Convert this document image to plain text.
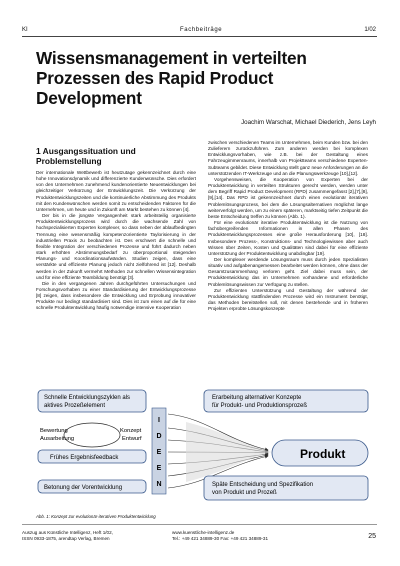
KI	Fachbeiträge	1/02
Wissensmanagement in verteilten Prozessen des Rapid Product Development
Joachim Warschat, Michael Diederich, Jens Leyh
1 Ausgangssituation und Problemstellung

Der internationale Wettbewerb ist heutzutage gekennzeichnet durch eine hohe Innovationsdynamik und differenzierte Kundenwünsche. Dies erfordert von den Unternehmen zunehmend kundenorientierte Neuentwicklungen bei gleichzeitiger Verkürzung der Entwicklungszeit. Die Verkürzung der Produktentwicklungszeiten und die kontinuierliche Abstimmung des Produkts mit den Kundenwünschen werden somit zu entscheidenden Faktoren für die Unternehmen, um heute und in Zukunft am Markt bestehen zu können [4].

Der bis in die jüngste Vergangenheit stark arbeitsteilig organisierte Produktentwicklungsprozess wird durch die wachsende Zahl von hochspezialisierten Experten komplexer, so dass neben der ablaufbedingten Trennung eine wesensmäßig kompetenzorientierte Taylorisierung in der industriellen Praxis zu beobachten ist. Des erschwert die schnelle und flexible Integration der verschiedenen Prozesse und führt dadurch neben stark erhöhten Abstimmungsbedarf zu überproportional steigenden Planungs- und Koordinationsaufwänden. Studien zeigen, dass eine verstärkte und effiziente Planung jedoch nicht zielführend ist [12]. Deshalb werden in der Zukunft vermehrt Methoden zur schnellen Wissensintegration und für eine effiziente Teambildung benötigt [3].

Die in den vergangenen Jahren durchgeführten Untersuchungen und Forschungsvorhaben zu einer Standardisierung der Entwicklungsprozesse [8] zeigen, dass insbesondere die Entwicklung und Erprobung innovativer Produkte nur bedingt standardisiert sind. Dies ist zum einen auf die für eine schnelle Produktentwicklung häufig notwendige intensive Kooperation

zwischen verschiedenen Teams im Unternehmen, beim Kunden bzw. bei den Zulieferern zurückzuführen. Zum anderen werden bei komplexen Entwicklungsvorhaben, wie z.B. bei der Gestaltung eines Fahrzeugimmenraums, innerhalb von Projektteams verschiedene Experten-Subteams gebildet. Diese Entwicklung stellt ganz neue Anforderungen an die unterstützenden IT-Werkzeuge und an die Planungswerkzeuge [10],[12].

Vorgehensweisen, die Kooperation von Experten bei der Produktentwicklung in verteilten Strukturen gerecht werden, werden unter dem Begriff Rapid Product Development (RPD) zusammengefasst [2],[7],[8],[9],[14]. Das RPD ist gekennzeichnet durch einen evolutionär iterativen Problemlösungsprozess, bei dem die Lösungsalternativen möglichst lange weiterverfolgt werden, um zu einem späteren, marktseitig tiefen Zeitpunkt die beste Entscheidung treffen zu können (Abb. 1).

Für eine evolutionär iterative Produktentwicklung ist die Nutzung von fachübergreifenden Informationen in allen Phasen des Produktentwicklungsprozesses eine große Herausforderung [10], [18]. Insbesondere Prozess-, Konstruktions- und Technologiewissen aber auch Wissen über Zeiten, Kosten und Qualitäten sind dabei für eine effiziente Unterstützung der Produktentwicklung unabdingbar [19].

Der komplexer werdende Lösungsraum muss durch jeden Spezialisten situativ und aufgabenangemessen bearbeitet werden können, ohne dass der Gesamtzusammenhang verloren geht. Ziel dabei muss sein, der Produktentwicklung das im Unternehmen vorhandene und erforderliche Problemlösungswissen zur Verfügung zu stellen.

Zur effizienten Unterstützung und Gestaltung der während der Produktentwicklung stattfindenden Prozesse wird ein Instrument benötigt, das Methoden bereitstellen soll, mit denen bestehende und in früheren Projekten erprobte Lösungskonzepte

Schnelle Entwicklungszyklen als
aktives Prozeßelement
Bewertung
Ausarbeitung
Konzept
Entwurf
Frühes Ergebnisfeedback
Betonung der Vorentwicklung
I
D
E
E
N
Erarbeitung alternativer Konzepte
für Produkt- und Produktionsprozeß
Produkt
Späte Entscheidung und Spezifikation
von Produkt und Prozeß
Abb. 1: Konzept zur evolutionär-iterativen Produktentwicklung
Auszug aus Künstliche Intelligenz, Heft 1/02,
ISSN 0933-1875, arendtap Verlag, Bremen
www.kuenstliche-intelligenz.de
Tel.: +49 421 34889-30 Fax: +49 421 34889-31	25
